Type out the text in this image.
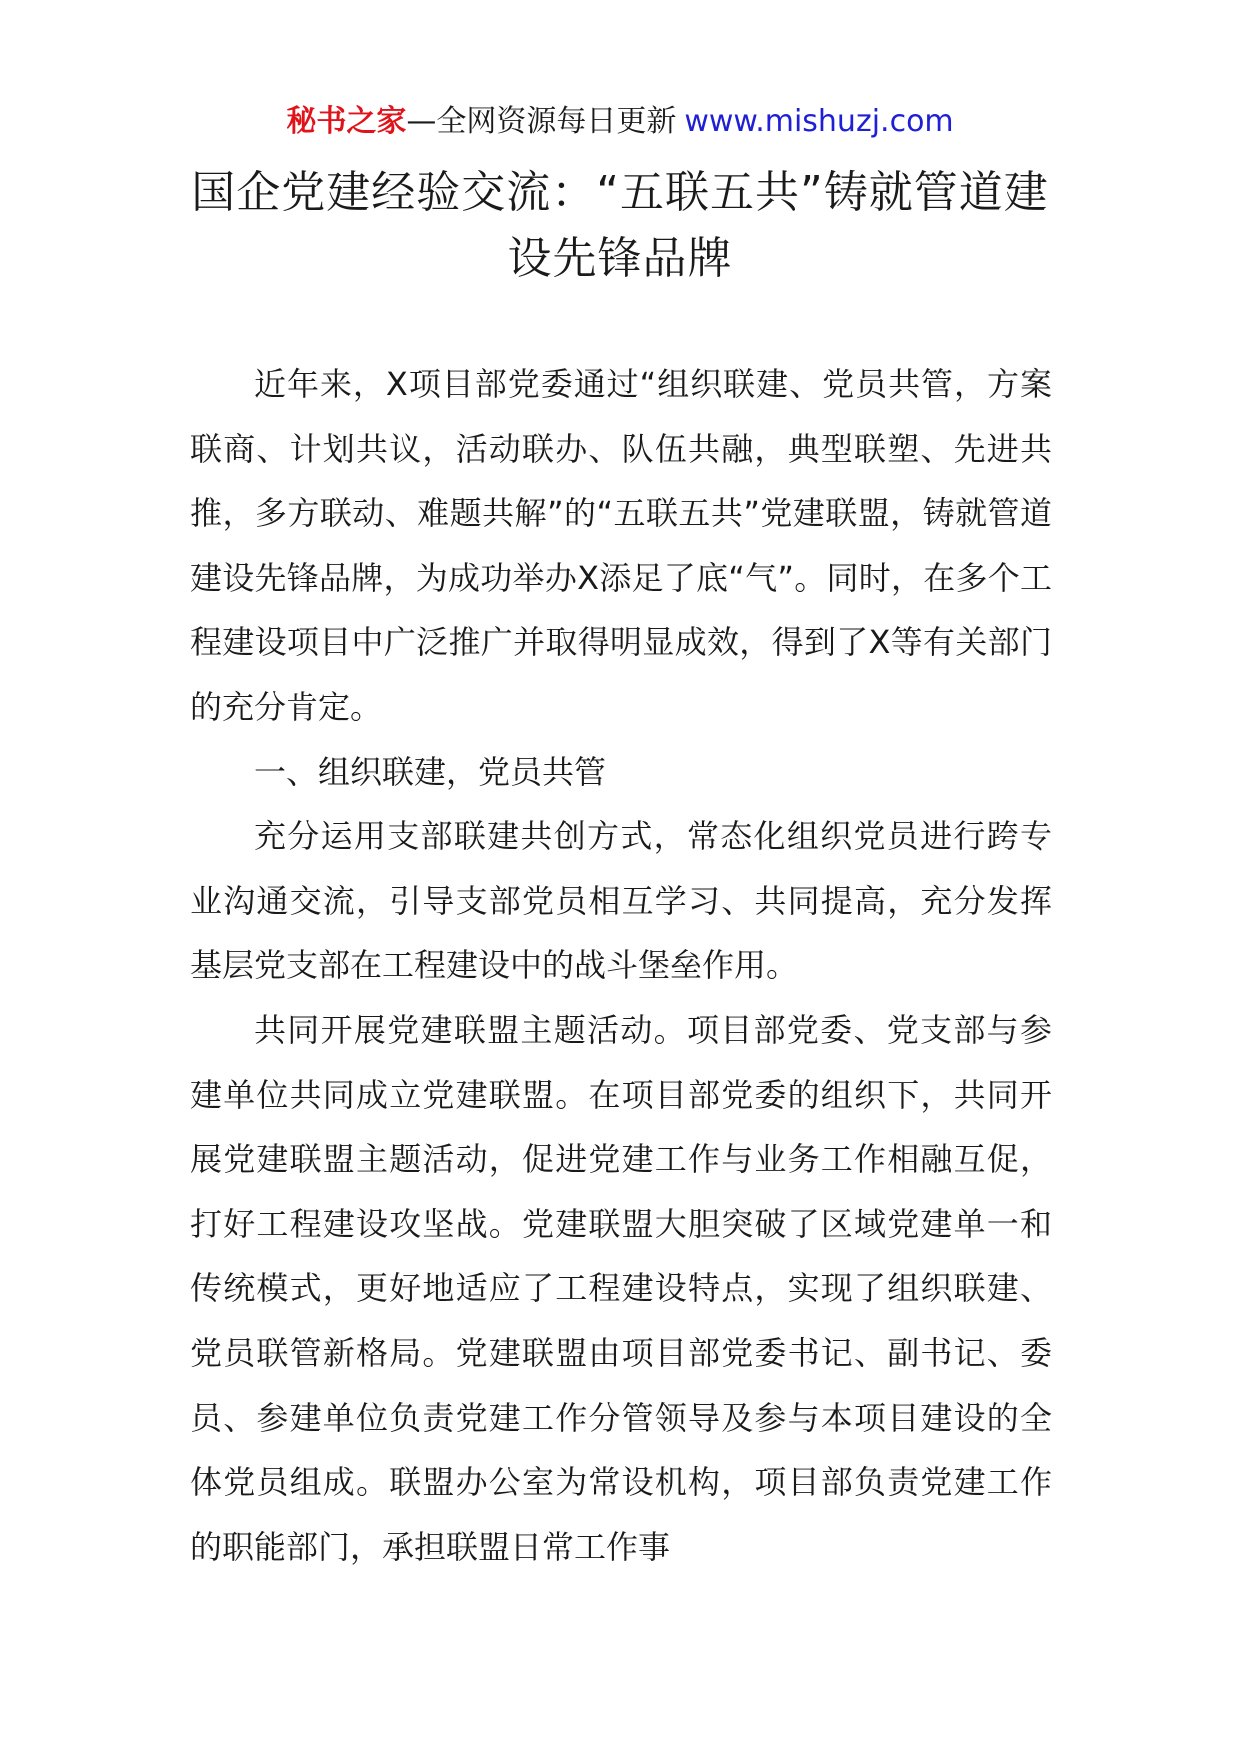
秘书之家—全网资源每日更新 www.mishuzj.com
国企党建经验交流：“五联五共”铸就管道建设先锋品牌

近年来，X项目部党委通过“组织联建、党员共管，方案联商、计划共议，活动联办、队伍共融，典型联塑、先进共推，多方联动、难题共解”的“五联五共”党建联盟，铸就管道建设先锋品牌，为成功举办X添足了底“气”。同时，在多个工程建设项目中广泛推广并取得明显成效，得到了X等有关部门的充分肯定。

一、组织联建，党员共管

充分运用支部联建共创方式，常态化组织党员进行跨专业沟通交流，引导支部党员相互学习、共同提高，充分发挥基层党支部在工程建设中的战斗堡垒作用。

共同开展党建联盟主题活动。项目部党委、党支部与参建单位共同成立党建联盟。在项目部党委的组织下，共同开展党建联盟主题活动，促进党建工作与业务工作相融互促，打好工程建设攻坚战。党建联盟大胆突破了区域党建单一和传统模式，更好地适应了工程建设特点，实现了组织联建、党员联管新格局。党建联盟由项目部党委书记、副书记、委员、参建单位负责党建工作分管领导及参与本项目建设的全体党员组成。联盟办公室为常设机构，项目部负责党建工作的职能部门，承担联盟日常工作事
